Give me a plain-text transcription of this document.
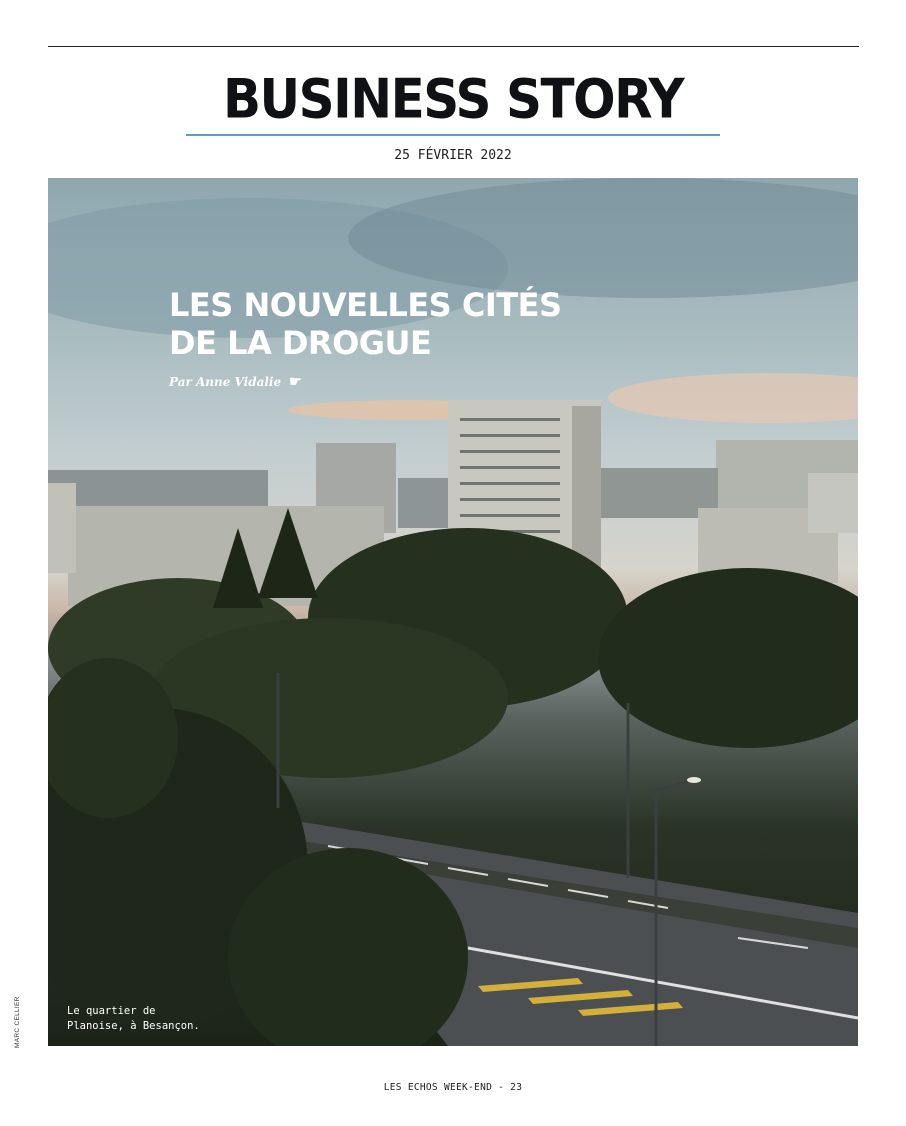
BUSINESS STORY
25 FÉVRIER 2022
LES NOUVELLES CITÉS
DE LA DROGUE
Par Anne Vidalie ☛
Le quartier de
Planoise, à Besançon.
MARC CELLIER
LES ECHOS WEEK-END - 23
